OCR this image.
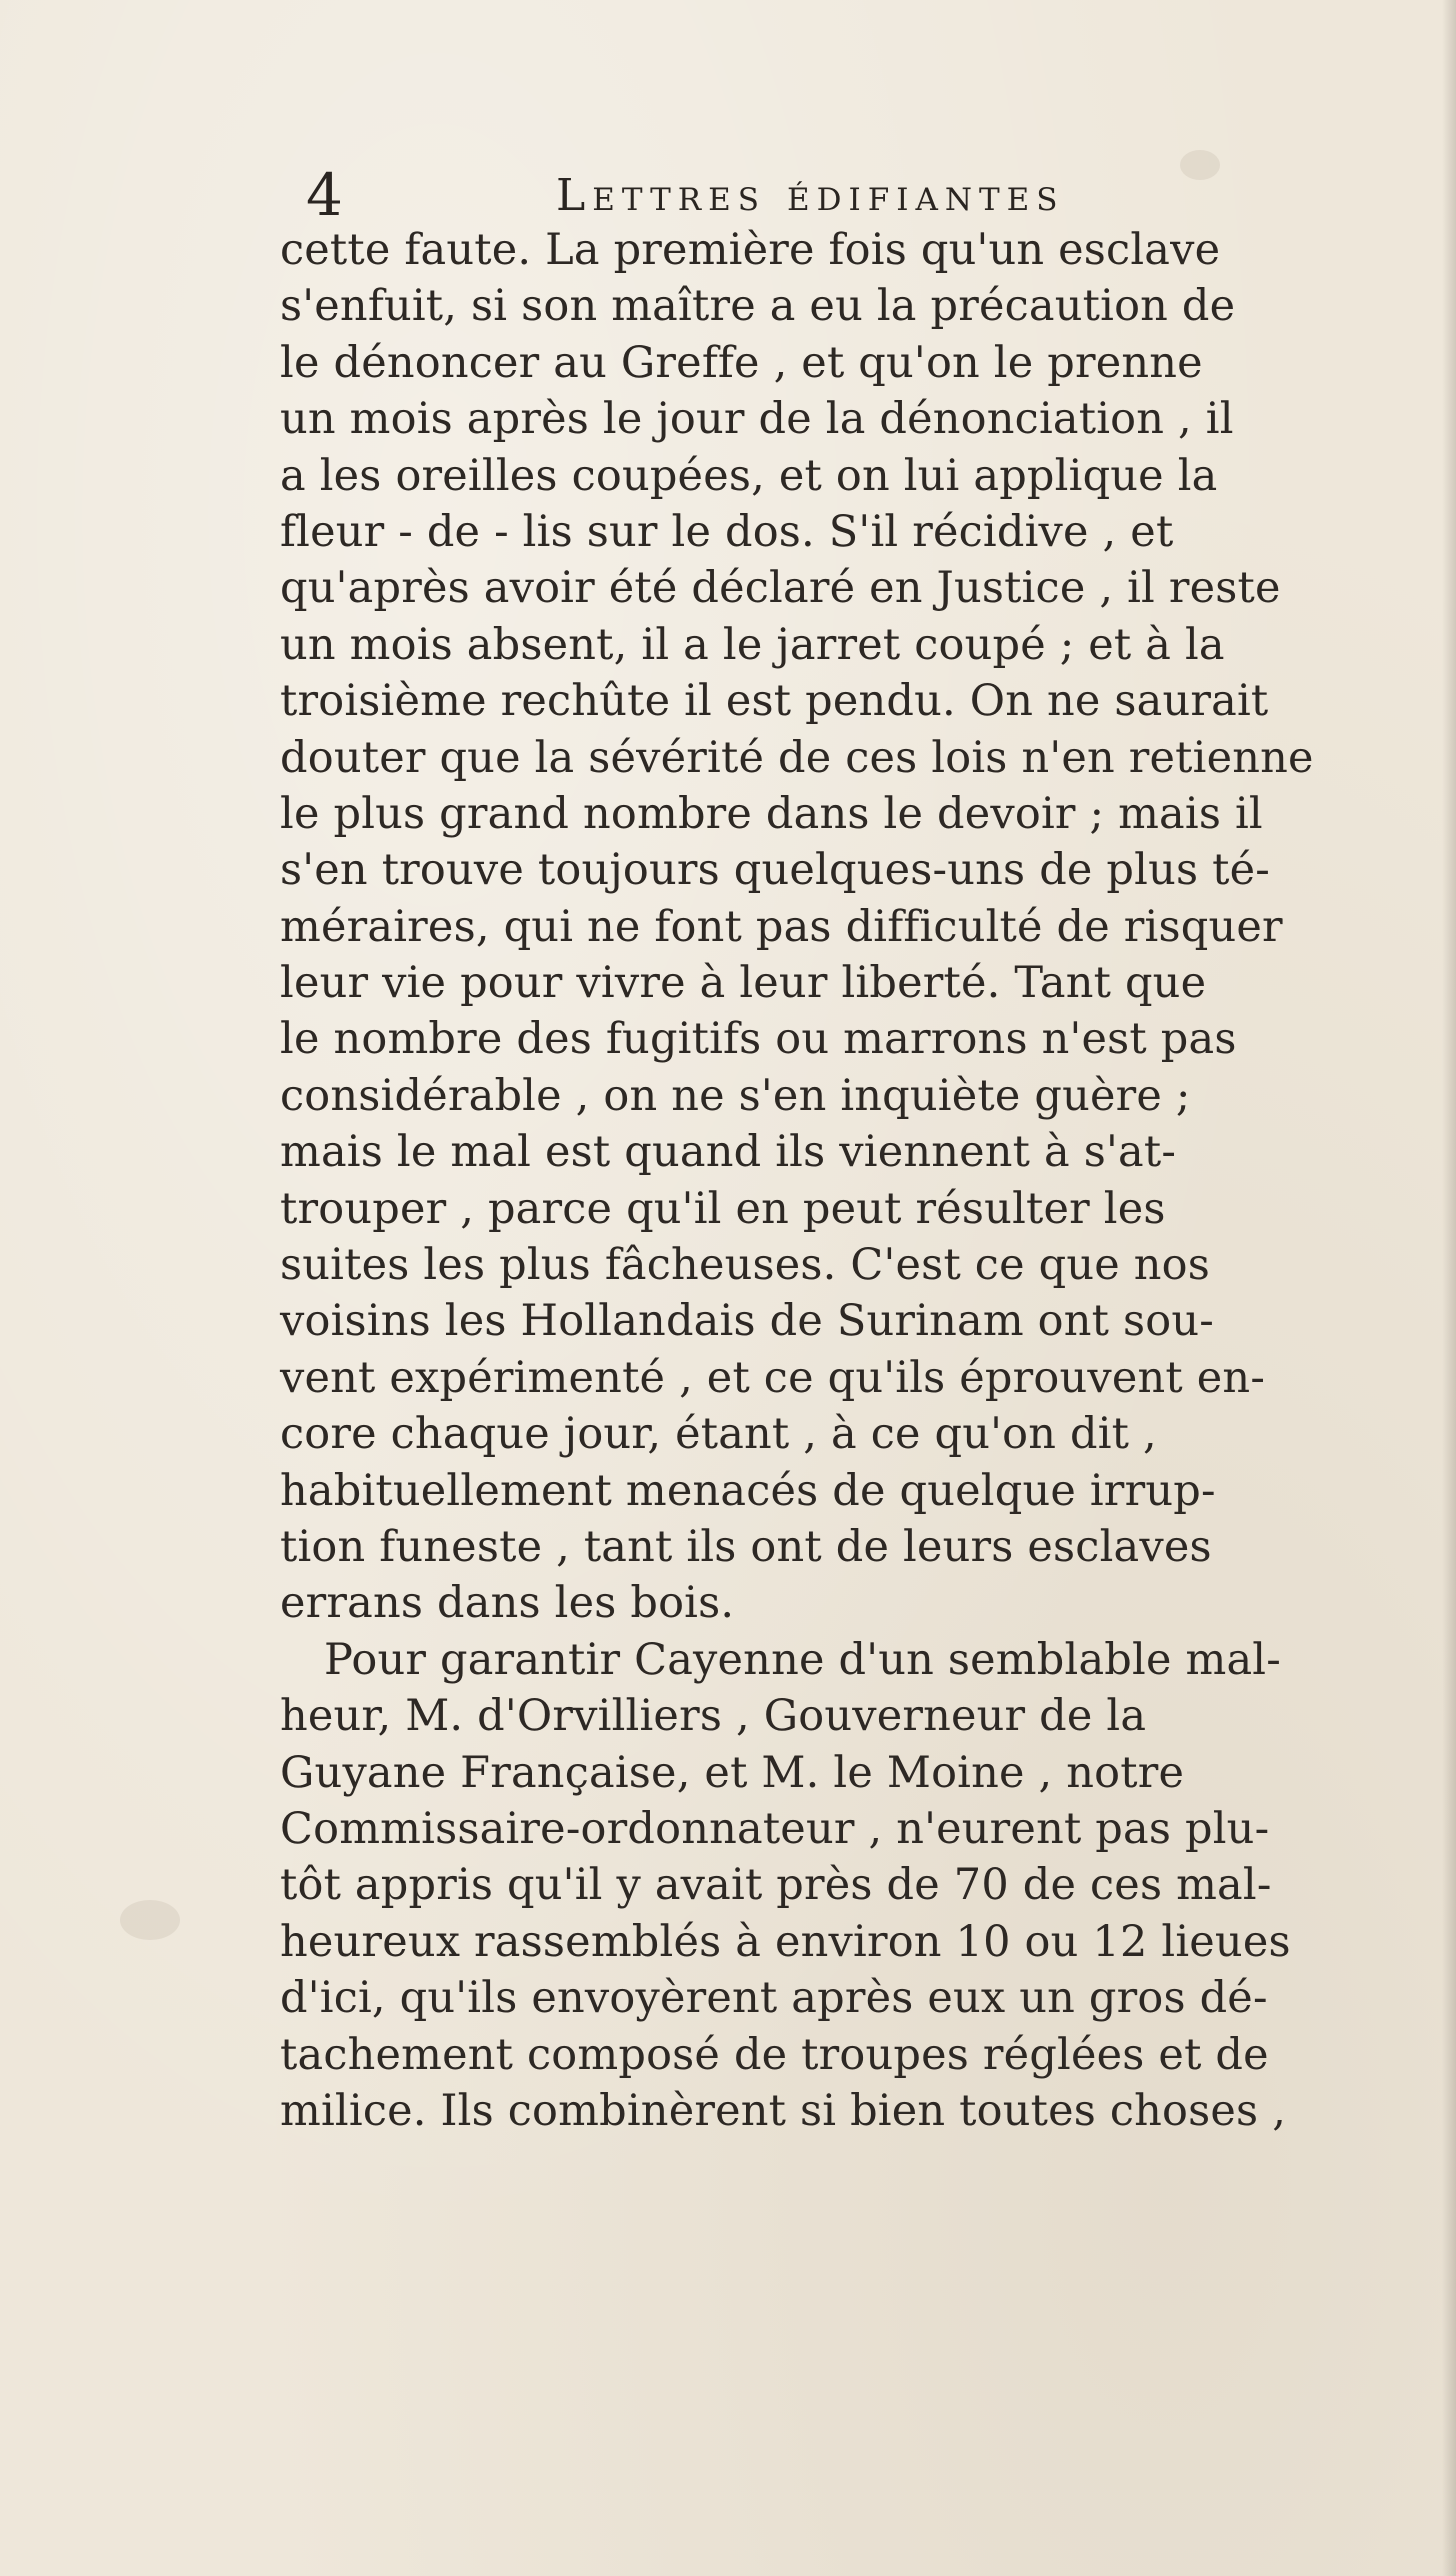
4	Lettres édifiantes
cette faute. La première fois qu'un esclave
s'enfuit, si son maître a eu la précaution de
le dénoncer au Greffe , et qu'on le prenne
un mois après le jour de la dénonciation , il
a les oreilles coupées, et on lui applique la
fleur - de - lis sur le dos. S'il récidive , et
qu'après avoir été déclaré en Justice , il reste
un mois absent, il a le jarret coupé ; et à la
troisième rechûte il est pendu. On ne saurait
douter que la sévérité de ces lois n'en retienne
le plus grand nombre dans le devoir ; mais il
s'en trouve toujours quelques-uns de plus té-
méraires, qui ne font pas difficulté de risquer
leur vie pour vivre à leur liberté. Tant que
le nombre des fugitifs ou marrons n'est pas
considérable , on ne s'en inquiète guère ;
mais le mal est quand ils viennent à s'at-
trouper , parce qu'il en peut résulter les
suites les plus fâcheuses. C'est ce que nos
voisins les Hollandais de Surinam ont sou-
vent expérimenté , et ce qu'ils éprouvent en-
core chaque jour, étant , à ce qu'on dit ,
habituellement menacés de quelque irrup-
tion funeste , tant ils ont de leurs esclaves
errans dans les bois.
Pour garantir Cayenne d'un semblable mal-
heur, M. d'Orvilliers , Gouverneur de la
Guyane Française, et M. le Moine , notre
Commissaire-ordonnateur , n'eurent pas plu-
tôt appris qu'il y avait près de 70 de ces mal-
heureux rassemblés à environ 10 ou 12 lieues
d'ici, qu'ils envoyèrent après eux un gros dé-
tachement composé de troupes réglées et de
milice. Ils combinèrent si bien toutes choses ,
